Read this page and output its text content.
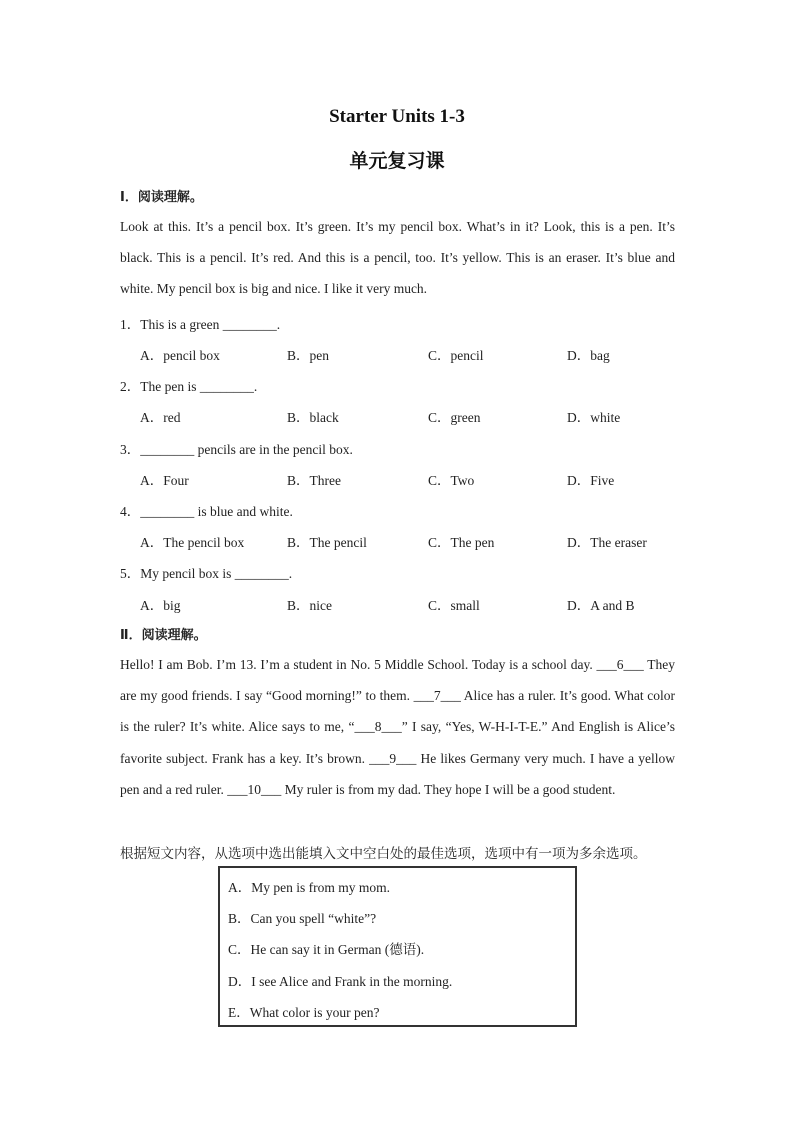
Starter Units 1-3
单元复习课
Ⅰ．阅读理解。
Look at this. It’s a pencil box. It’s green. It’s my pencil box. What’s in it? Look, this is a pen. It’s black. This is a pencil. It’s red. And this is a pencil, too. It’s yellow. This is an eraser. It’s blue and white. My pencil box is big and nice. I like it very much.
1．This is a green ________.
A．pencil box	B．pen	C．pencil	D．bag
2．The pen is ________.
A．red	B．black	C．green	D．white
3．________ pencils are in the pencil box.
A．Four	B．Three	C．Two	D．Five
4．________ is blue and white.
A．The pencil box	B．The pencil	C．The pen	D．The eraser
5．My pencil box is ________.
A．big	B．nice	C．small	D．A and B
Ⅱ．阅读理解。
Hello! I am Bob. I’m 13. I’m a student in No. 5 Middle School. Today is a school day. ___6___ They are my good friends. I say “Good morning!” to them. ___7___ Alice has a ruler. It’s good. What color is the ruler? It’s white. Alice says to me, “___8___” I say, “Yes, W-H-I-T-E.” And English is Alice’s favorite subject. Frank has a key. It’s brown. ___9___ He likes Germany very much. I have a yellow pen and a red ruler. ___10___ My ruler is from my dad. They hope I will be a good student.
根据短文内容，从选项中选出能填入文中空白处的最佳选项，选项中有一项为多余选项。
A．My pen is from my mom.
B．Can you spell “white”?
C．He can say it in German (德语).
D．I see Alice and Frank in the morning.
E．What color is your pen?
